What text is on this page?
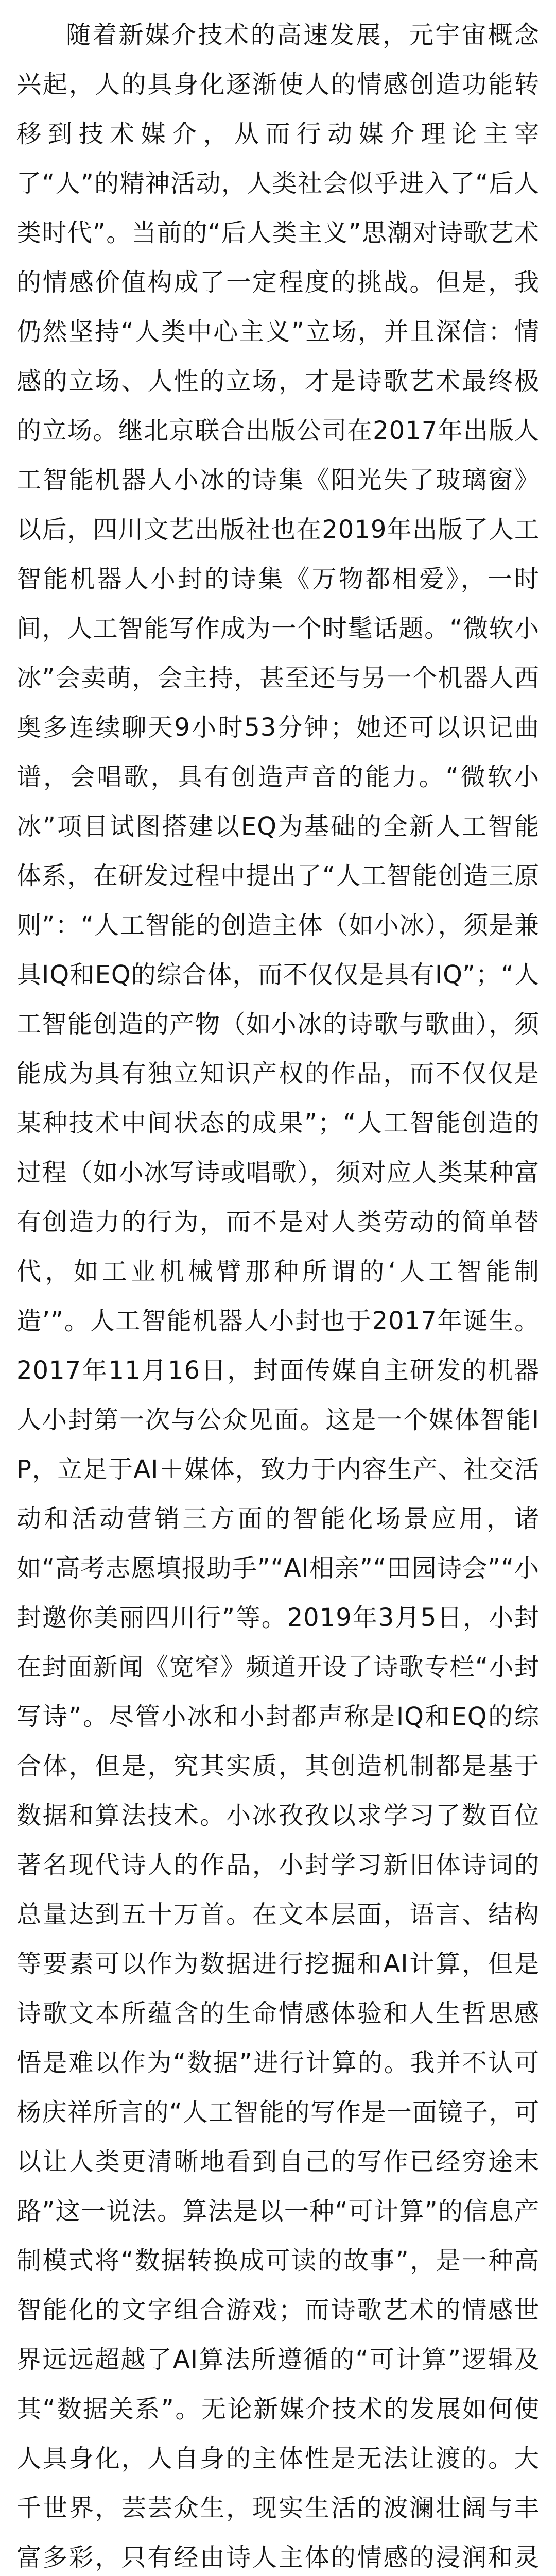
随着新媒介技术的高速发展，元宇宙概念兴起，人的具身化逐渐使人的情感创造功能转移到技术媒介，从而行动媒介理论主宰了“人”的精神活动，人类社会似乎进入了“后人类时代”。当前的“后人类主义”思潮对诗歌艺术的情感价值构成了一定程度的挑战。但是，我仍然坚持“人类中心主义”立场，并且深信：情感的立场、人性的立场，才是诗歌艺术最终极的立场。继北京联合出版公司在2017年出版人工智能机器人小冰的诗集《阳光失了玻璃窗》以后，四川文艺出版社也在2019年出版了人工智能机器人小封的诗集《万物都相爱》，一时间，人工智能写作成为一个时髦话题。“微软小冰”会卖萌，会主持，甚至还与另一个机器人西奥多连续聊天9小时53分钟；她还可以识记曲谱，会唱歌，具有创造声音的能力。“微软小冰”项目试图搭建以EQ为基础的全新人工智能体系，在研发过程中提出了“人工智能创造三原则”：“人工智能的创造主体（如小冰），须是兼具IQ和EQ的综合体，而不仅仅是具有IQ”；“人工智能创造的产物（如小冰的诗歌与歌曲），须能成为具有独立知识产权的作品，而不仅仅是某种技术中间状态的成果”；“人工智能创造的过程（如小冰写诗或唱歌），须对应人类某种富有创造力的行为，而不是对人类劳动的简单替代，如工业机械臂那种所谓的‘人工智能制造’”。人工智能机器人小封也于2017年诞生。2017年11月16日，封面传媒自主研发的机器人小封第一次与公众见面。这是一个媒体智能IP，立足于AI＋媒体，致力于内容生产、社交活动和活动营销三方面的智能化场景应用，诸如“高考志愿填报助手”“AI相亲”“田园诗会”“小封邀你美丽四川行”等。2019年3月5日，小封在封面新闻《宽窄》频道开设了诗歌专栏“小封写诗”。尽管小冰和小封都声称是IQ和EQ的综合体，但是，究其实质，其创造机制都是基于数据和算法技术。小冰孜孜以求学习了数百位著名现代诗人的作品，小封学习新旧体诗词的总量达到五十万首。在文本层面，语言、结构等要素可以作为数据进行挖掘和AI计算，但是诗歌文本所蕴含的生命情感体验和人生哲思感悟是难以作为“数据”进行计算的。我并不认可杨庆祥所言的“人工智能的写作是一面镜子，可以让人类更清晰地看到自己的写作已经穷途末路”这一说法。算法是以一种“可计算”的信息产制模式将“数据转换成可读的故事”，是一种高智能化的文字组合游戏；而诗歌艺术的情感世界远远超越了AI算法所遵循的“可计算”逻辑及其“数据关系”。无论新媒介技术的发展如何使人具身化，人自身的主体性是无法让渡的。大千世界，芸芸众生，现实生活的波澜壮阔与丰富多彩，只有经由诗人主体的情感的浸润和灵
